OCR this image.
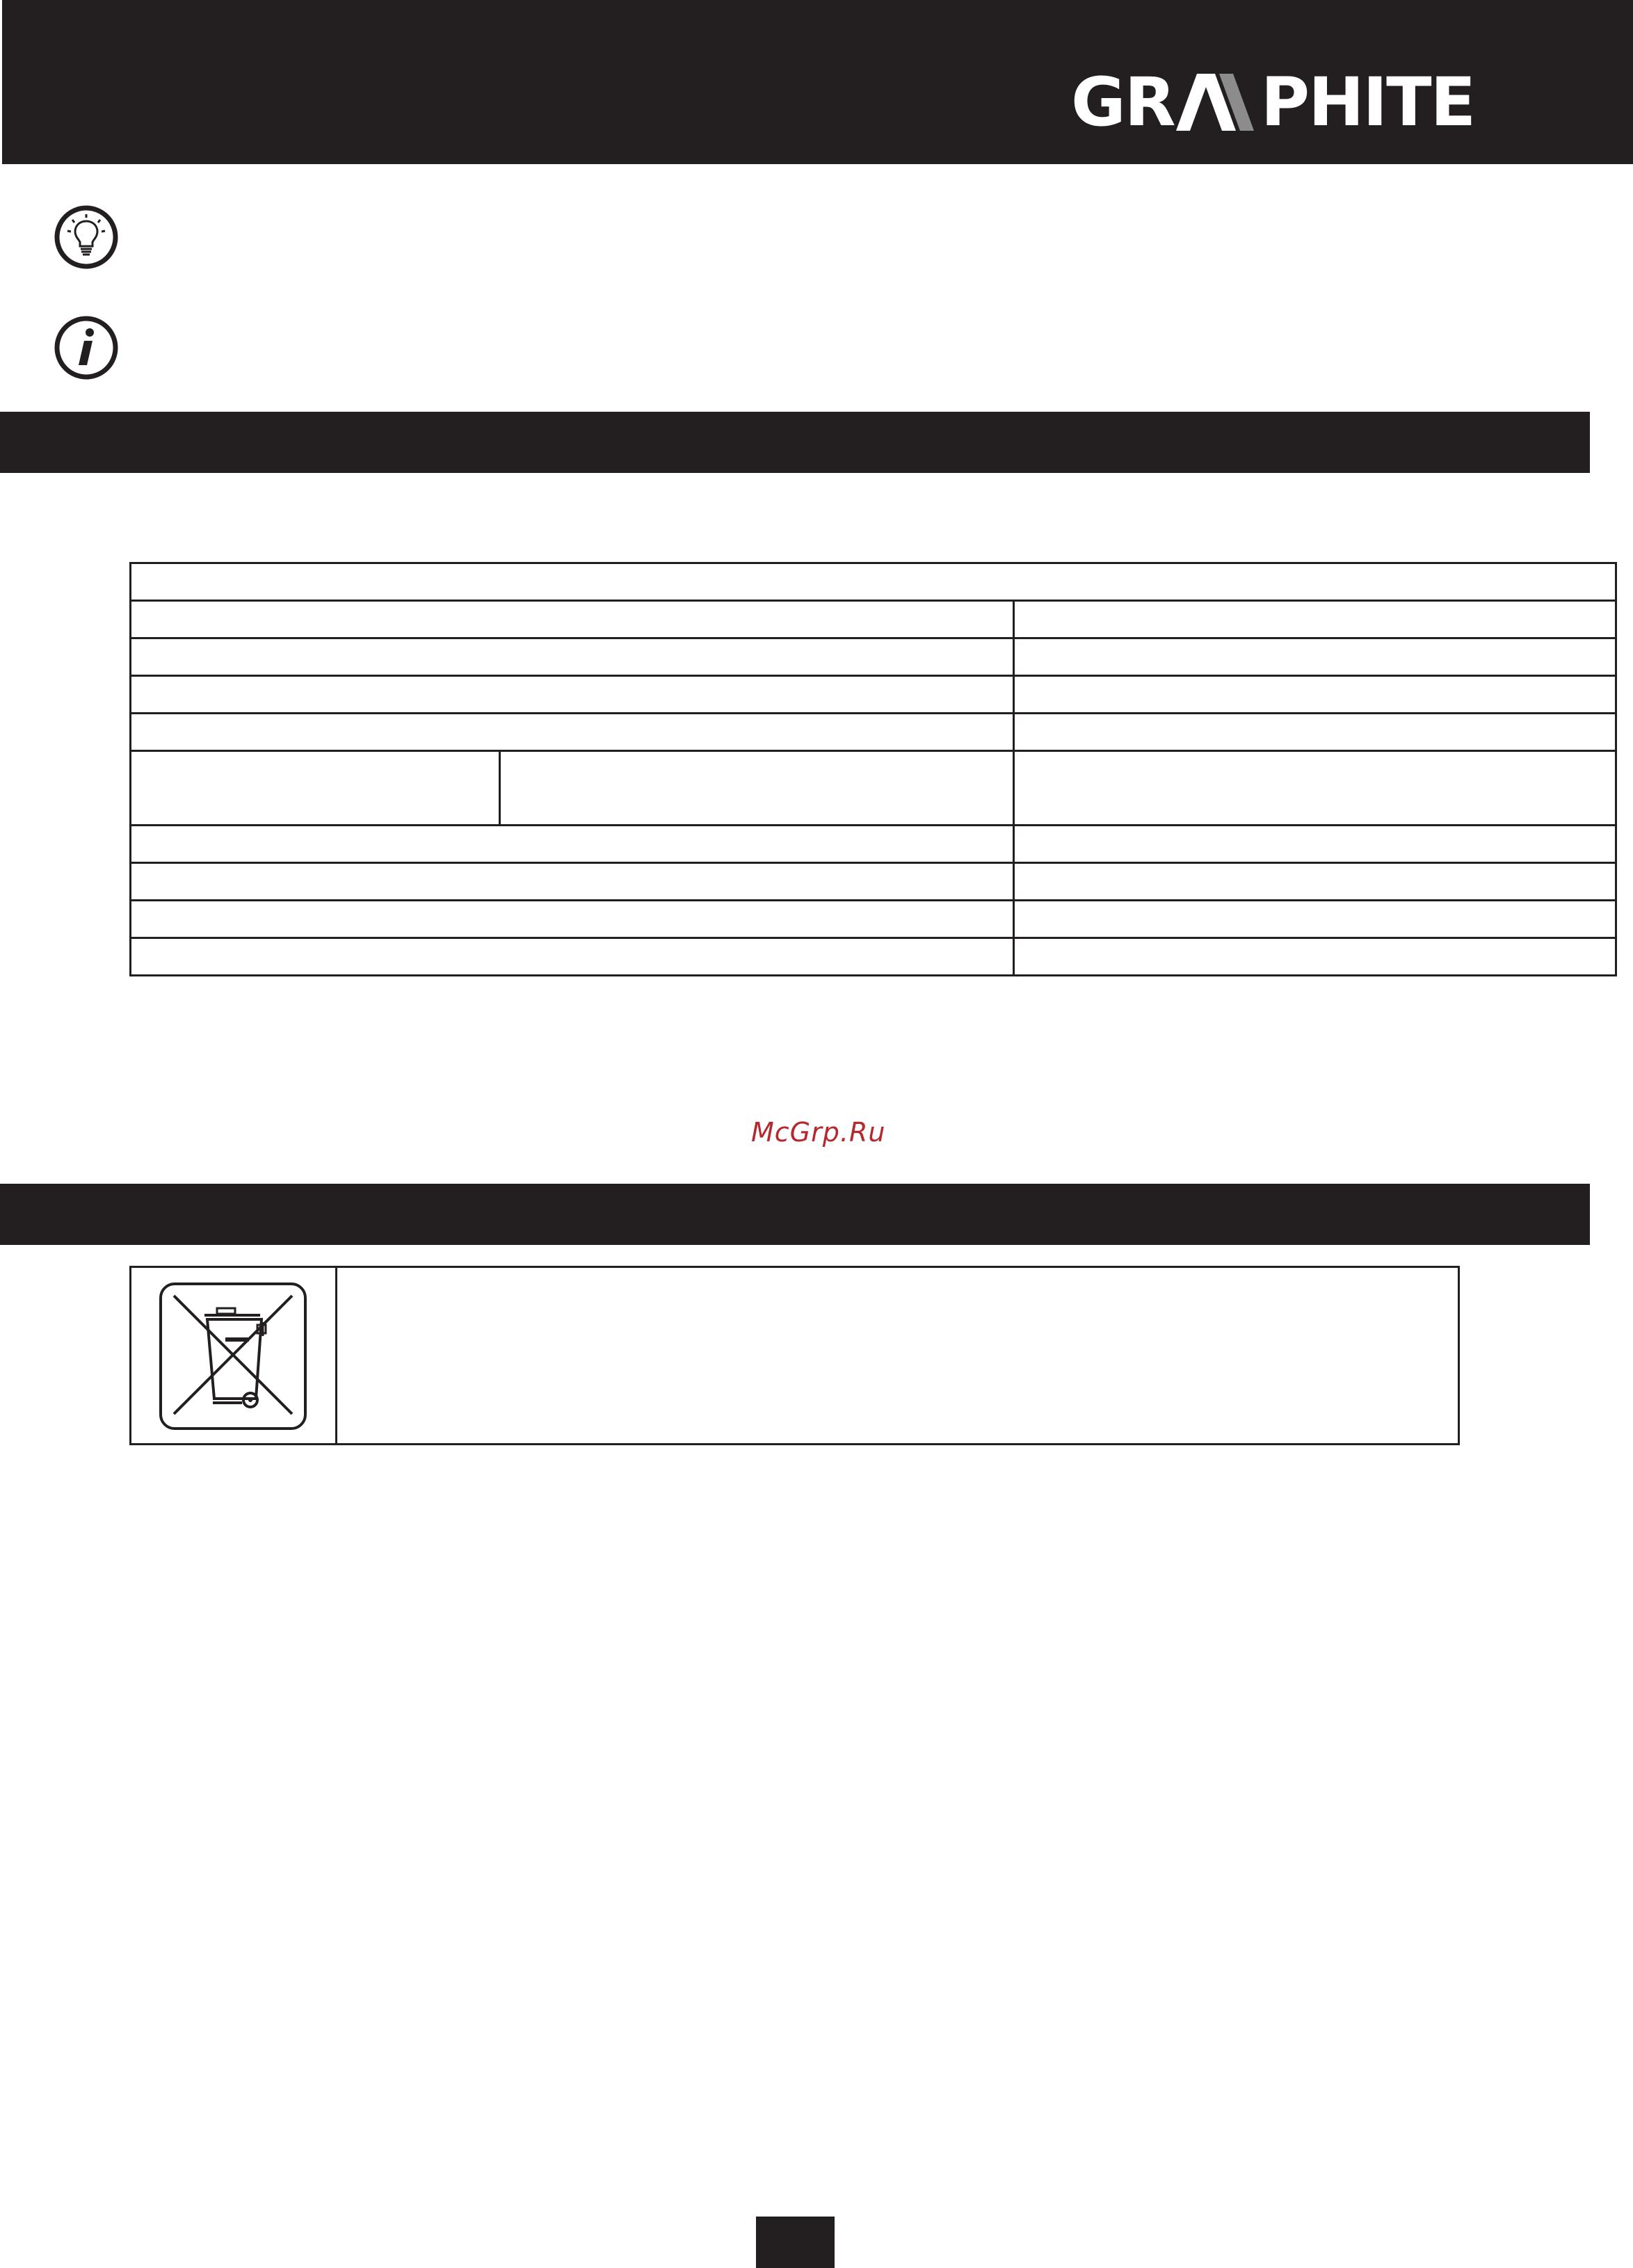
GR PHITE

McGrp.Ru
